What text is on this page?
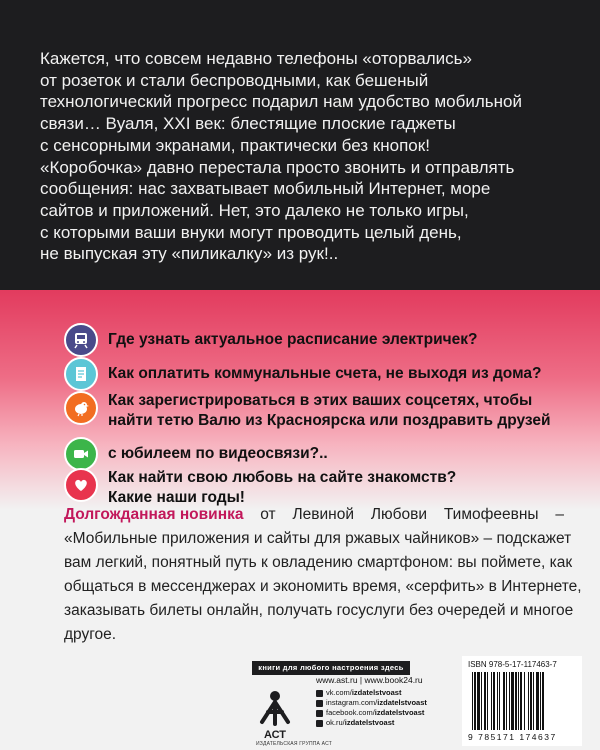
Кажется, что совсем недавно телефоны «оторвались»

от розеток и стали беспроводными, как бешеный

технологический прогресс подарил нам удобство мобильной

связи… Вуаля, XXI век: блестящие плоские гаджеты

с сенсорными экранами, практически без кнопок!

«Коробочка» давно перестала просто звонить и отправлять

сообщения: нас захватывает мобильный Интернет, море

сайтов и приложений. Нет, это далеко не только игры,

с которыми ваши внуки могут проводить целый день,

не выпуская эту «пиликалку» из рук!..

Где узнать актуальное расписание электричек?
Как оплатить коммунальные счета, не выходя из дома?
Как зарегистрироваться в этих ваших соцсетях, чтобы
найти тетю Валю из Красноярска или поздравить друзей
с юбилеем по видеосвязи?..
Как найти свою любовь на сайте знакомств?
Какие наши годы!
Долгожданная новинка от Левиной Любови Тимофеевны –
«Мобильные приложения и сайты для ржавых чайников» – подскажет
вам легкий, понятный путь к овладению смартфоном: вы поймете, как
общаться в мессенджерах и экономить время, «серфить» в Интернете,
заказывать билеты онлайн, получать госуслуги без очередей и многое
другое.
книги для любого настроения здесь
АСТ
www.ast.ru | www.book24.ru
vk.com/ izdatelstvoast
instagram.com/ izdatelstvoast
facebook.com/ izdatelstvoast
ok.ru/ izdatelstvoast
ИЗДАТЕЛЬСКАЯ ГРУППА АСТ
ISBN 978-5-17-117463-7
9 785171 174637
